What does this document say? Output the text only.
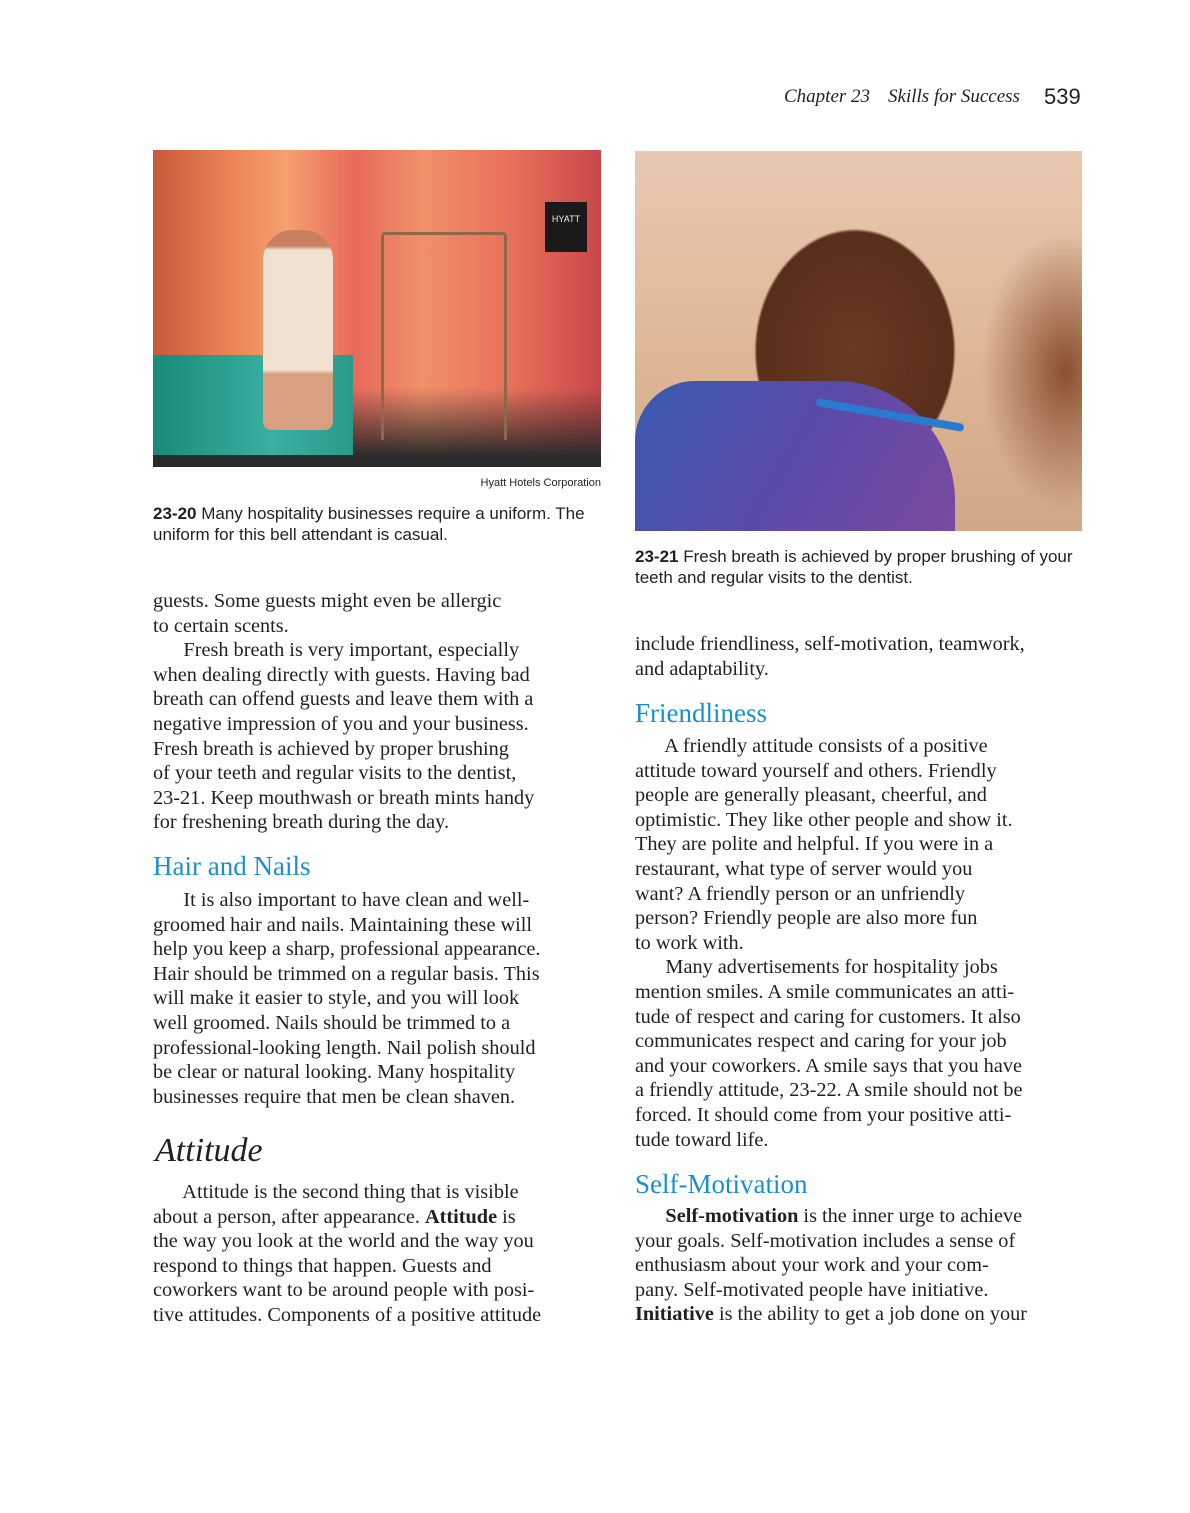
Chapter 23 Skills for Success	539
HYATT
Hyatt Hotels Corporation
23-20 Many hospitality businesses require a uniform. The uniform for this bell attendant is casual.
23-21 Fresh breath is achieved by proper brushing of your teeth and regular visits to the dentist.
guests. Some guests might even be allergic
to certain scents.
Fresh breath is very important, especially
when dealing directly with guests. Having bad
breath can offend guests and leave them with a
negative impression of you and your business.
Fresh breath is achieved by proper brushing
of your teeth and regular visits to the dentist,
23-21. Keep mouthwash or breath mints handy
for freshening breath during the day.
Hair and Nails
It is also important to have clean and well-
groomed hair and nails. Maintaining these will
help you keep a sharp, professional appearance.
Hair should be trimmed on a regular basis. This
will make it easier to style, and you will look
well groomed. Nails should be trimmed to a
professional-looking length. Nail polish should
be clear or natural looking. Many hospitality
businesses require that men be clean shaven.
Attitude
Attitude is the second thing that is visible
about a person, after appearance. Attitude is
the way you look at the world and the way you
respond to things that happen. Guests and
coworkers want to be around people with posi-
tive attitudes. Components of a positive attitude
include friendliness, self-motivation, teamwork,
and adaptability.
Friendliness
A friendly attitude consists of a positive
attitude toward yourself and others. Friendly
people are generally pleasant, cheerful, and
optimistic. They like other people and show it.
They are polite and helpful. If you were in a
restaurant, what type of server would you
want? A friendly person or an unfriendly
person? Friendly people are also more fun
to work with.
Many advertisements for hospitality jobs
mention smiles. A smile communicates an atti-
tude of respect and caring for customers. It also
communicates respect and caring for your job
and your coworkers. A smile says that you have
a friendly attitude, 23-22. A smile should not be
forced. It should come from your positive atti-
tude toward life.
Self-Motivation
Self-motivation is the inner urge to achieve
your goals. Self-motivation includes a sense of
enthusiasm about your work and your com-
pany. Self-motivated people have initiative.
Initiative is the ability to get a job done on your
